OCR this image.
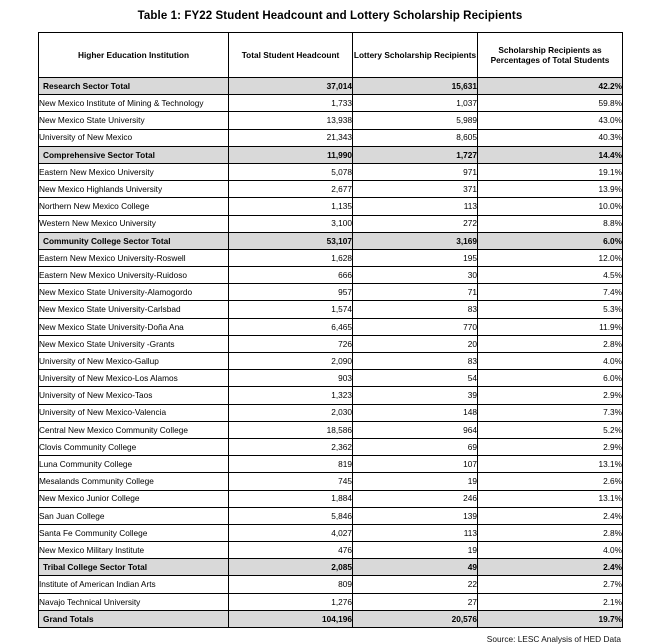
Table 1: FY22 Student Headcount and Lottery Scholarship Recipients
Higher Education Institution	Total Student Headcount	Lottery Scholarship Recipients	Scholarship Recipients as Percentages of Total Students
Research Sector Total	37,014	15,631	42.2%
New Mexico Institute of Mining & Technology	1,733	1,037	59.8%
New Mexico State University	13,938	5,989	43.0%
University of New Mexico	21,343	8,605	40.3%
Comprehensive Sector Total	11,990	1,727	14.4%
Eastern New Mexico University	5,078	971	19.1%
New Mexico Highlands University	2,677	371	13.9%
Northern New Mexico College	1,135	113	10.0%
Western New Mexico University	3,100	272	8.8%
Community College Sector Total	53,107	3,169	6.0%
Eastern New Mexico University-Roswell	1,628	195	12.0%
Eastern New Mexico University-Ruidoso	666	30	4.5%
New Mexico State University-Alamogordo	957	71	7.4%
New Mexico State University-Carlsbad	1,574	83	5.3%
New Mexico State University-Doña Ana	6,465	770	11.9%
New Mexico State University -Grants	726	20	2.8%
University of New Mexico-Gallup	2,090	83	4.0%
University of New Mexico-Los Alamos	903	54	6.0%
University of New Mexico-Taos	1,323	39	2.9%
University of New Mexico-Valencia	2,030	148	7.3%
Central New Mexico Community College	18,586	964	5.2%
Clovis Community College	2,362	69	2.9%
Luna Community College	819	107	13.1%
Mesalands Community College	745	19	2.6%
New Mexico Junior College	1,884	246	13.1%
San Juan College	5,846	139	2.4%
Santa Fe Community College	4,027	113	2.8%
New Mexico Military Institute	476	19	4.0%
Tribal College Sector Total	2,085	49	2.4%
Institute of American Indian Arts	809	22	2.7%
Navajo Technical University	1,276	27	2.1%
Grand Totals	104,196	20,576	19.7%
Source: LESC Analysis of HED Data
